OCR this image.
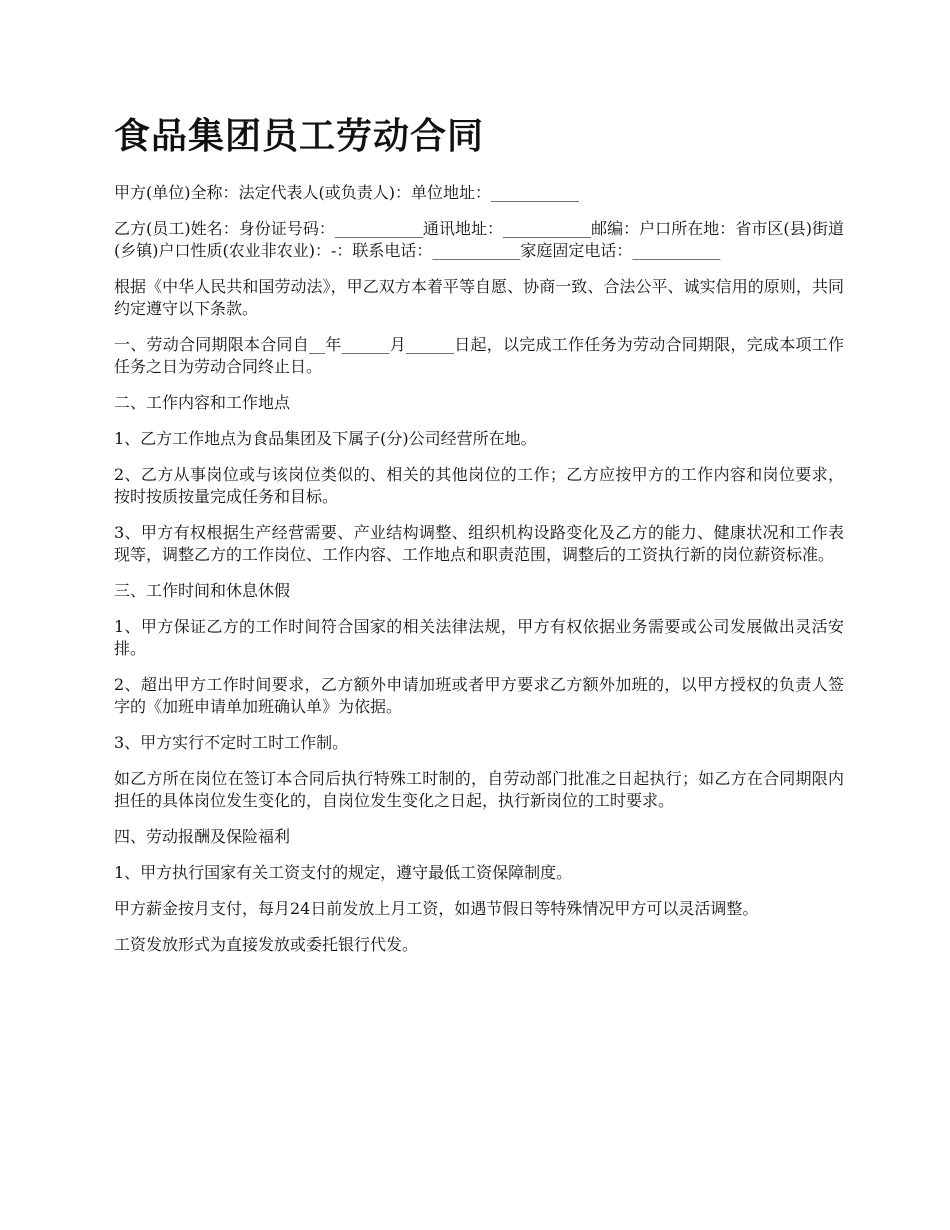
食品集团员工劳动合同

甲方(单位)全称：法定代表人(或负责人)：单位地址：___________

乙方(员工)姓名：身份证号码：___________通讯地址：___________邮编：户口所在地：省市区(县)街道(乡镇)户口性质(农业非农业)：-：联系电话：___________家庭固定电话：___________

根据《中华人民共和国劳动法》，甲乙双方本着平等自愿、协商一致、合法公平、诚实信用的原则，共同约定遵守以下条款。

一、劳动合同期限本合同自__年______月______日起，以完成工作任务为劳动合同期限，完成本项工作任务之日为劳动合同终止日。

二、工作内容和工作地点

1、乙方工作地点为食品集团及下属子(分)公司经营所在地。

2、乙方从事岗位或与该岗位类似的、相关的其他岗位的工作；乙方应按甲方的工作内容和岗位要求，按时按质按量完成任务和目标。

3、甲方有权根据生产经营需要、产业结构调整、组织机构设路变化及乙方的能力、健康状况和工作表现等，调整乙方的工作岗位、工作内容、工作地点和职责范围，调整后的工资执行新的岗位薪资标准。

三、工作时间和休息休假

1、甲方保证乙方的工作时间符合国家的相关法律法规，甲方有权依据业务需要或公司发展做出灵活安排。

2、超出甲方工作时间要求，乙方额外申请加班或者甲方要求乙方额外加班的，以甲方授权的负责人签字的《加班申请单加班确认单》为依据。

3、甲方实行不定时工时工作制。

如乙方所在岗位在签订本合同后执行特殊工时制的，自劳动部门批准之日起执行；如乙方在合同期限内担任的具体岗位发生变化的，自岗位发生变化之日起，执行新岗位的工时要求。

四、劳动报酬及保险福利

1、甲方执行国家有关工资支付的规定，遵守最低工资保障制度。

甲方薪金按月支付，每月24日前发放上月工资，如遇节假日等特殊情况甲方可以灵活调整。

工资发放形式为直接发放或委托银行代发。
